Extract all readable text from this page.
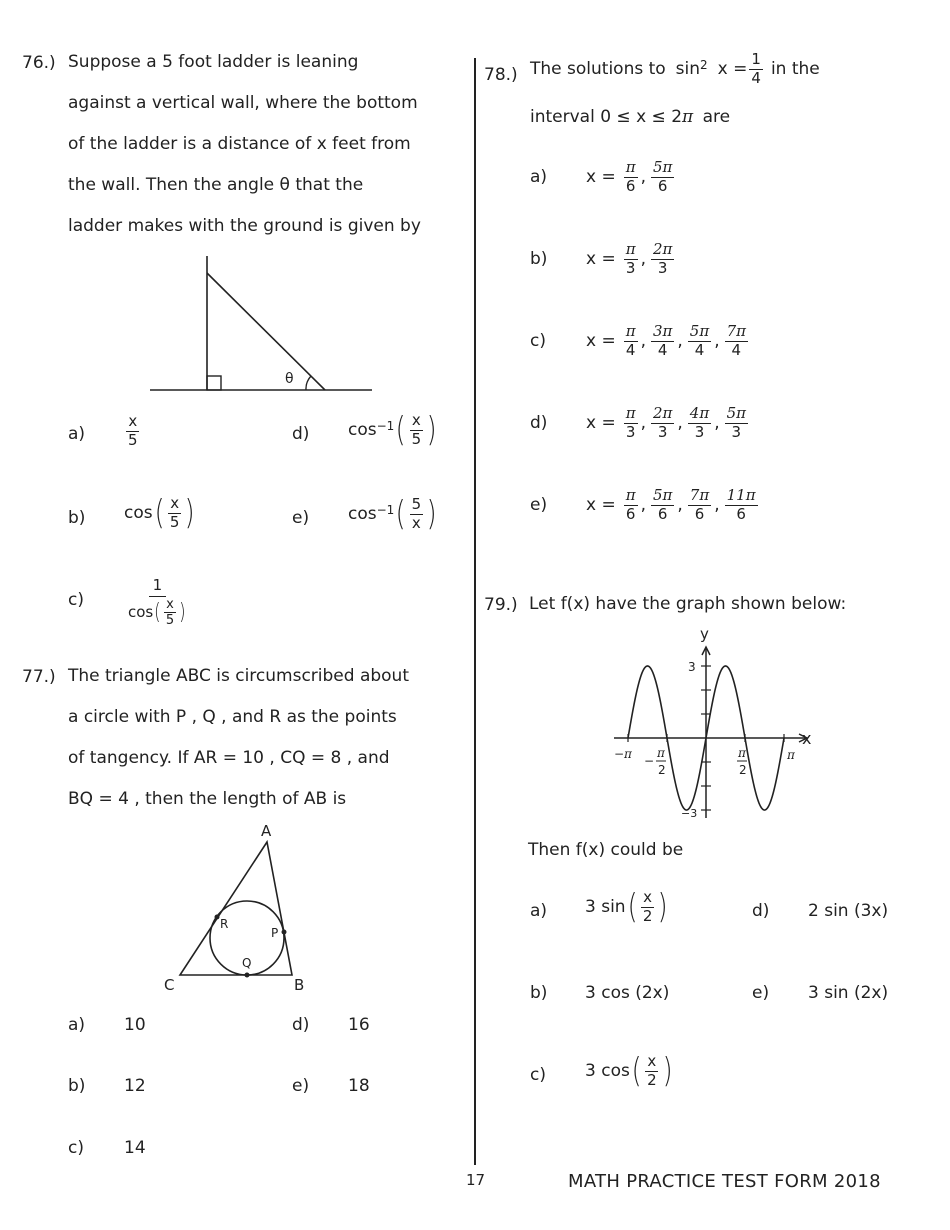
76.) Suppose a 5 foot ladder is leaning
against a vertical wall, where the bottom
of the ladder is a distance of x feet from
the wall. Then the angle θ that the
ladder makes with the ground is given by
θ
a)	$\frac{x}{5}$
b) cos ( $\frac{x}{5}$ )
c)	$\frac{1}{\cos ( \frac{x}{5} )}$
d) $\cos^{-1}$ ( $\frac{x}{5}$ )
e) $\cos^{-1}$ ( $\frac{5}{x}$ )
77.) The triangle ABC is circumscribed about
a circle with P , Q , and R as the points
of tangency. If AR = 10 , CQ = 8 , and
BQ = 4 , then the length of AB is
A
B
C
P
Q
R
a) 10
b) 12
c) 14
d) 16
e) 18
78.) The solutions to $\sin^2 x = \frac{1}{4}$ in the
interval 0 ≤ x ≤ 2π are
a)	$x = \frac{\pi}{6}$ , $\frac{5\pi}{6}$
b)	$x = \frac{\pi}{3}$ , $\frac{2\pi}{3}$
c)	$x = \frac{\pi}{4}$ , $\frac{3\pi}{4}$ , $\frac{5\pi}{4}$ , $\frac{7\pi}{4}$
d)	$x = \frac{\pi}{3}$ , $\frac{2\pi}{3}$ , $\frac{4\pi}{3}$ , $\frac{5\pi}{3}$
e)	$x = \frac{\pi}{6}$ , $\frac{5\pi}{6}$ , $\frac{7\pi}{6}$ , $\frac{11\pi}{6}$
79.) Let f(x) have the graph shown below:
y
x
3
−3
−π	π
−
π
2
π
2
Then f(x) could be
a) 3 sin ( $\frac{x}{2}$ )
b) 3 cos (2x)
c) 3 cos ( $\frac{x}{2}$ )
d) 2 sin (3x)
e) 3 sin (2x)
17	MATH PRACTICE TEST FORM 2018
